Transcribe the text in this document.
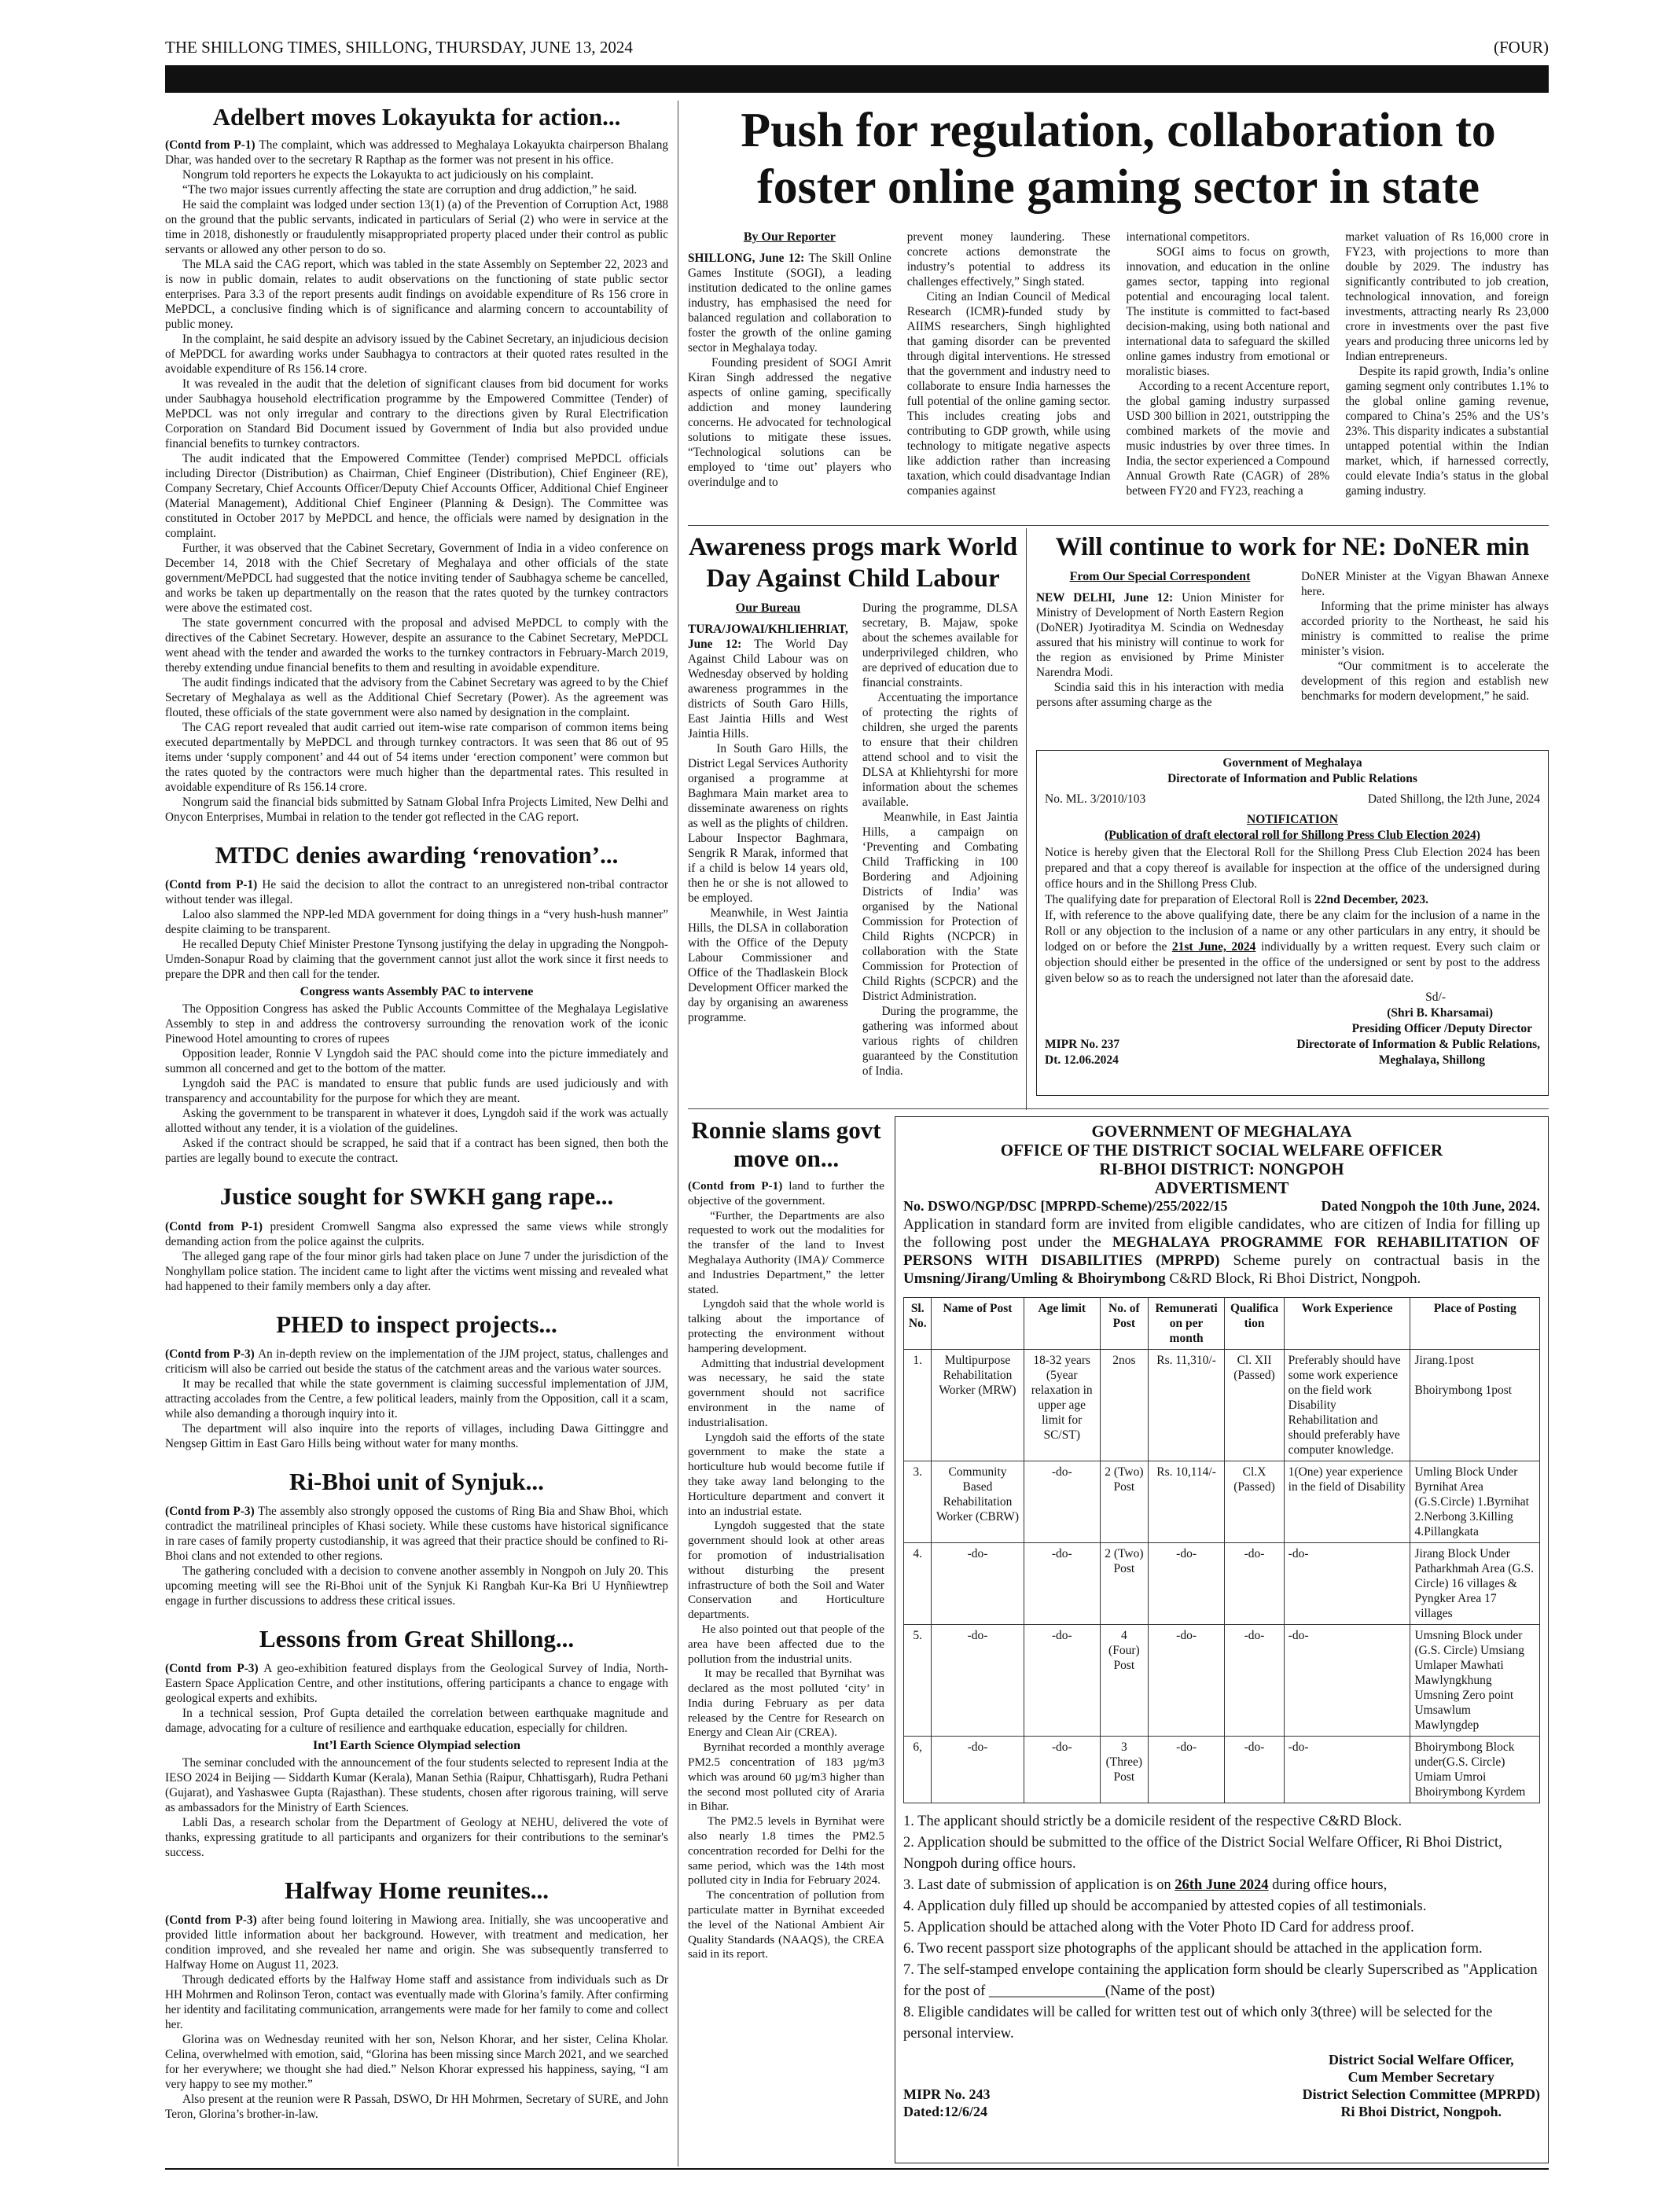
THE SHILLONG TIMES, SHILLONG, THURSDAY, JUNE 13, 2024	(FOUR)
Adelbert moves Lokayukta for action...

(Contd from P-1) The complaint, which was addressed to Meghalaya Lokayukta chairperson Bhalang Dhar, was handed over to the secretary R Rapthap as the former was not present in his office.

Nongrum told reporters he expects the Lokayukta to act judiciously on his complaint.

“The two major issues currently affecting the state are corruption and drug addiction,” he said.

He said the complaint was lodged under section 13(1) (a) of the Prevention of Corruption Act, 1988 on the ground that the public servants, indicated in particulars of Serial (2) who were in service at the time in 2018, dishonestly or fraudulently misappropriated property placed under their control as public servants or allowed any other person to do so.

The MLA said the CAG report, which was tabled in the state Assembly on September 22, 2023 and is now in public domain, relates to audit observations on the functioning of state public sector enterprises. Para 3.3 of the report presents audit findings on avoidable expenditure of Rs 156 crore in MePDCL, a conclusive finding which is of significance and alarming concern to accountability of public money.

In the complaint, he said despite an advisory issued by the Cabinet Secretary, an injudicious decision of MePDCL for awarding works under Saubhagya to contractors at their quoted rates resulted in the avoidable expenditure of Rs 156.14 crore.

It was revealed in the audit that the deletion of significant clauses from bid document for works under Saubhagya household electrification programme by the Empowered Committee (Tender) of MePDCL was not only irregular and contrary to the directions given by Rural Electrification Corporation on Standard Bid Document issued by Government of India but also provided undue financial benefits to turnkey contractors.

The audit indicated that the Empowered Committee (Tender) comprised MePDCL officials including Director (Distribution) as Chairman, Chief Engineer (Distribution), Chief Engineer (RE), Company Secretary, Chief Accounts Officer/Deputy Chief Accounts Officer, Additional Chief Engineer (Material Management), Additional Chief Engineer (Planning & Design). The Committee was constituted in October 2017 by MePDCL and hence, the officials were named by designation in the complaint.

Further, it was observed that the Cabinet Secretary, Government of India in a video conference on December 14, 2018 with the Chief Secretary of Meghalaya and other officials of the state government/MePDCL had suggested that the notice inviting tender of Saubhagya scheme be cancelled, and works be taken up departmentally on the reason that the rates quoted by the turnkey contractors were above the estimated cost.

The state government concurred with the proposal and advised MePDCL to comply with the directives of the Cabinet Secretary. However, despite an assurance to the Cabinet Secretary, MePDCL went ahead with the tender and awarded the works to the turnkey contractors in February-March 2019, thereby extending undue financial benefits to them and resulting in avoidable expenditure.

The audit findings indicated that the advisory from the Cabinet Secretary was agreed to by the Chief Secretary of Meghalaya as well as the Additional Chief Secretary (Power). As the agreement was flouted, these officials of the state government were also named by designation in the complaint.

The CAG report revealed that audit carried out item-wise rate comparison of common items being executed departmentally by MePDCL and through turnkey contractors. It was seen that 86 out of 95 items under ‘supply component’ and 44 out of 54 items under ‘erection component’ were common but the rates quoted by the contractors were much higher than the departmental rates. This resulted in avoidable expenditure of Rs 156.14 crore.

Nongrum said the financial bids submitted by Satnam Global Infra Projects Limited, New Delhi and Onycon Enterprises, Mumbai in relation to the tender got reflected in the CAG report.

MTDC denies awarding ‘renovation’...

(Contd from P-1) He said the decision to allot the contract to an unregistered non-tribal contractor without tender was illegal.

Laloo also slammed the NPP-led MDA government for doing things in a “very hush-hush manner” despite claiming to be transparent.

He recalled Deputy Chief Minister Prestone Tynsong justifying the delay in upgrading the Nongpoh-Umden-Sonapur Road by claiming that the government cannot just allot the work since it first needs to prepare the DPR and then call for the tender.

Congress wants Assembly PAC to intervene

The Opposition Congress has asked the Public Accounts Committee of the Meghalaya Legislative Assembly to step in and address the controversy surrounding the renovation work of the iconic Pinewood Hotel amounting to crores of rupees

Opposition leader, Ronnie V Lyngdoh said the PAC should come into the picture immediately and summon all concerned and get to the bottom of the matter.

Lyngdoh said the PAC is mandated to ensure that public funds are used judiciously and with transparency and accountability for the purpose for which they are meant.

Asking the government to be transparent in whatever it does, Lyngdoh said if the work was actually allotted without any tender, it is a violation of the guidelines.

Asked if the contract should be scrapped, he said that if a contract has been signed, then both the parties are legally bound to execute the contract.

Justice sought for SWKH gang rape...

(Contd from P-1) president Cromwell Sangma also expressed the same views while strongly demanding action from the police against the culprits.

The alleged gang rape of the four minor girls had taken place on June 7 under the jurisdiction of the Nonghyllam police station. The incident came to light after the victims went missing and revealed what had happened to their family members only a day after.

PHED to inspect projects...

(Contd from P-3) An in-depth review on the implementation of the JJM project, status, challenges and criticism will also be carried out beside the status of the catchment areas and the various water sources.

It may be recalled that while the state government is claiming successful implementation of JJM, attracting accolades from the Centre, a few political leaders, mainly from the Opposition, call it a scam, while also demanding a thorough inquiry into it.

The department will also inquire into the reports of villages, including Dawa Gittinggre and Nengsep Gittim in East Garo Hills being without water for many months.

Ri-Bhoi unit of Synjuk...

(Contd from P-3) The assembly also strongly opposed the customs of Ring Bia and Shaw Bhoi, which contradict the matrilineal principles of Khasi society. While these customs have historical significance in rare cases of family property custodianship, it was agreed that their practice should be confined to Ri-Bhoi clans and not extended to other regions.

The gathering concluded with a decision to convene another assembly in Nongpoh on July 20. This upcoming meeting will see the Ri-Bhoi unit of the Synjuk Ki Rangbah Kur-Ka Bri U Hynñiewtrep engage in further discussions to address these critical issues.

Lessons from Great Shillong...

(Contd from P-3) A geo-exhibition featured displays from the Geological Survey of India, North-Eastern Space Application Centre, and other institutions, offering participants a chance to engage with geological experts and exhibits.

In a technical session, Prof Gupta detailed the correlation between earthquake magnitude and damage, advocating for a culture of resilience and earthquake education, especially for children.

Int’l Earth Science Olympiad selection

The seminar concluded with the announcement of the four students selected to represent India at the IESO 2024 in Beijing — Siddarth Kumar (Kerala), Manan Sethia (Raipur, Chhattisgarh), Rudra Pethani (Gujarat), and Yashaswee Gupta (Rajasthan). These students, chosen after rigorous training, will serve as ambassadors for the Ministry of Earth Sciences.

Labli Das, a research scholar from the Department of Geology at NEHU, delivered the vote of thanks, expressing gratitude to all participants and organizers for their contributions to the seminar's success.

Halfway Home reunites...

(Contd from P-3) after being found loitering in Mawiong area. Initially, she was uncooperative and provided little information about her background. However, with treatment and medication, her condition improved, and she revealed her name and origin. She was subsequently transferred to Halfway Home on August 11, 2023.

Through dedicated efforts by the Halfway Home staff and assistance from individuals such as Dr HH Mohrmen and Rolinson Teron, contact was eventually made with Glorina’s family. After confirming her identity and facilitating communication, arrangements were made for her family to come and collect her.

Glorina was on Wednesday reunited with her son, Nelson Khorar, and her sister, Celina Kholar. Celina, overwhelmed with emotion, said, “Glorina has been missing since March 2021, and we searched for her everywhere; we thought she had died.” Nelson Khorar expressed his happiness, saying, “I am very happy to see my mother.”

Also present at the reunion were R Passah, DSWO, Dr HH Mohrmen, Secretary of SURE, and John Teron, Glorina’s brother-in-law.

Push for regulation, collaboration to foster online gaming sector in state
By Our Reporter
SHILLONG, June 12: The Skill Online Games Institute (SOGI), a leading institution dedicated to the online games industry, has emphasised the need for balanced regulation and collaboration to foster the growth of the online gaming sector in Meghalaya today.
Founding president of SOGI Amrit Kiran Singh addressed the negative aspects of online gaming, specifically addiction and money laundering concerns. He advocated for technological solutions to mitigate these issues. “Technological solutions can be employed to ‘time out’ players who overindulge and to
prevent money laundering. These concrete actions demonstrate the industry’s potential to address its challenges effectively,” Singh stated.
Citing an Indian Council of Medical Research (ICMR)-funded study by AIIMS researchers, Singh highlighted that gaming disorder can be prevented through digital interventions. He stressed that the government and industry need to collaborate to ensure India harnesses the full potential of the online gaming sector. This includes creating jobs and contributing to GDP growth, while using technology to mitigate negative aspects like addiction rather than increasing taxation, which could disadvantage Indian companies against
international competitors.
SOGI aims to focus on growth, innovation, and education in the online games sector, tapping into regional potential and encouraging local talent. The institute is committed to fact-based decision-making, using both national and international data to safeguard the skilled online games industry from emotional or moralistic biases.
According to a recent Accenture report, the global gaming industry surpassed USD 300 billion in 2021, outstripping the combined markets of the movie and music industries by over three times. In India, the sector experienced a Compound Annual Growth Rate (CAGR) of 28% between FY20 and FY23, reaching a
market valuation of Rs 16,000 crore in FY23, with projections to more than double by 2029. The industry has significantly contributed to job creation, technological innovation, and foreign investments, attracting nearly Rs 23,000 crore in investments over the past five years and producing three unicorns led by Indian entrepreneurs.
Despite its rapid growth, India’s online gaming segment only contributes 1.1% to the global online gaming revenue, compared to China’s 25% and the US’s 23%. This disparity indicates a substantial untapped potential within the Indian market, which, if harnessed correctly, could elevate India’s status in the global gaming industry.
Awareness progs mark World Day Against Child Labour
Our Bureau
TURA/JOWAI/KHLIEHRIAT, June 12: The World Day Against Child Labour was on Wednesday observed by holding awareness programmes in the districts of South Garo Hills, East Jaintia Hills and West Jaintia Hills.
In South Garo Hills, the District Legal Services Authority organised a programme at Baghmara Main market area to disseminate awareness on rights as well as the plights of children. Labour Inspector Baghmara, Sengrik R Marak, informed that if a child is below 14 years old, then he or she is not allowed to be employed.
Meanwhile, in West Jaintia Hills, the DLSA in collaboration with the Office of the Deputy Labour Commissioner and Office of the Thadlaskein Block Development Officer marked the day by organising an awareness programme.
During the programme, DLSA secretary, B. Majaw, spoke about the schemes available for underprivileged children, who are deprived of education due to financial constraints.
Accentuating the importance of protecting the rights of children, she urged the parents to ensure that their children attend school and to visit the DLSA at Khliehtyrshi for more information about the schemes available.
Meanwhile, in East Jaintia Hills, a campaign on ‘Preventing and Combating Child Trafficking in 100 Bordering and Adjoining Districts of India’ was organised by the National Commission for Protection of Child Rights (NCPCR) in collaboration with the State Commission for Protection of Child Rights (SCPCR) and the District Administration.
During the programme, the gathering was informed about various rights of children guaranteed by the Constitution of India.
Will continue to work for NE: DoNER min
From Our Special Correspondent
NEW DELHI, June 12: Union Minister for Ministry of Development of North Eastern Region (DoNER) Jyotiraditya M. Scindia on Wednesday assured that his ministry will continue to work for the region as envisioned by Prime Minister Narendra Modi.
Scindia said this in his interaction with media persons after assuming charge as the
DoNER Minister at the Vigyan Bhawan Annexe here.
Informing that the prime minister has always accorded priority to the Northeast, he said his ministry is committed to realise the prime minister’s vision.
“Our commitment is to accelerate the development of this region and establish new benchmarks for modern development,” he said.
Government of Meghalaya
Directorate of Information and Public Relations
No. ML. 3/2010/103	Dated Shillong, the l2th June, 2024
NOTIFICATION
(Publication of draft electoral roll for Shillong Press Club Election 2024)
Notice is hereby given that the Electoral Roll for the Shillong Press Club Election 2024 has been prepared and that a copy thereof is available for inspection at the office of the undersigned during office hours and in the Shillong Press Club.
The qualifying date for preparation of Electoral Roll is 22nd December, 2023.
If, with reference to the above qualifying date, there be any claim for the inclusion of a name in the Roll or any objection to the inclusion of a name or any other particulars in any entry, it should be lodged on or before the 21st June, 2024 individually by a written request. Every such claim or objection should either be presented in the office of the undersigned or sent by post to the address given below so as to reach the undersigned not later than the aforesaid date.
Sd/-
(Shri B. Kharsamai)
Presiding Officer /Deputy Director
MIPR No. 237	Directorate of Information & Public Relations,
Dt. 12.06.2024	Meghalaya, Shillong
Ronnie slams govt move on...
(Contd from P-1) land to further the objective of the government.
“Further, the Departments are also requested to work out the modalities for the transfer of the land to Invest Meghalaya Authority (IMA)/ Commerce and Industries Department,” the letter stated.
Lyngdoh said that the whole world is talking about the importance of protecting the environment without hampering development.
Admitting that industrial development was necessary, he said the state government should not sacrifice environment in the name of industrialisation.
Lyngdoh said the efforts of the state government to make the state a horticulture hub would become futile if they take away land belonging to the Horticulture department and convert it into an industrial estate.
Lyngdoh suggested that the state government should look at other areas for promotion of industrialisation without disturbing the present infrastructure of both the Soil and Water Conservation and Horticulture departments.
He also pointed out that people of the area have been affected due to the pollution from the industrial units.
It may be recalled that Byrnihat was declared as the most polluted ‘city’ in India during February as per data released by the Centre for Research on Energy and Clean Air (CREA).
Byrnihat recorded a monthly average PM2.5 concentration of 183 µg/m3 which was around 60 µg/m3 higher than the second most polluted city of Araria in Bihar.
The PM2.5 levels in Byrnihat were also nearly 1.8 times the PM2.5 concentration recorded for Delhi for the same period, which was the 14th most polluted city in India for February 2024.
The concentration of pollution from particulate matter in Byrnihat exceeded the level of the National Ambient Air Quality Standards (NAAQS), the CREA said in its report.
GOVERNMENT OF MEGHALAYA
OFFICE OF THE DISTRICT SOCIAL WELFARE OFFICER
RI-BHOI DISTRICT: NONGPOH
ADVERTISMENT
No. DSWO/NGP/DSC [MPRPD-Scheme)/255/2022/15	Dated Nongpoh the 10th June, 2024.
Application in standard form are invited from eligible candidates, who are citizen of India for filling up the following post under the MEGHALAYA PROGRAMME FOR REHABILITATION OF PERSONS WITH DISABILITIES (MPRPD) Scheme purely on contractual basis in the Umsning/Jirang/Umling & Bhoirymbong C&RD Block, Ri Bhoi District, Nongpoh.
Sl. No.	Name of Post	Age limit	No. of Post	Remunerati on per month	Qualifica tion	Work Experience	Place of Posting
1.	Multipurpose Rehabilitation Worker (MRW)	18-32 years (5year relaxation in upper age limit for SC/ST)	2nos	Rs. 11,310/-	Cl. XII (Passed)	Preferably should have some work experience on the field work Disability Rehabilitation and should preferably have computer knowledge.	Jirang.1post

Bhoirymbong 1post
3.	Community Based Rehabilitation Worker (CBRW)	-do-	2 (Two) Post	Rs. 10,114/-	Cl.X (Passed)	1(One) year experience in the field of Disability	Umling Block Under Byrnihat Area (G.S.Circle) 1.Byrnihat 2.Nerbong 3.Killing 4.Pillangkata
4.	-do-	-do-	2 (Two) Post	-do-	-do-	-do-	Jirang Block Under Patharkhmah Area (G.S. Circle) 16 villages & Pyngker Area 17 villages
5.	-do-	-do-	4 (Four) Post	-do-	-do-	-do-	Umsning Block under (G.S. Circle) Umsiang Umlaper Mawhati Mawlyngkhung Umsning Zero point Umsawlum Mawlyngdep
6,	-do-	-do-	3 (Three) Post	-do-	-do-	-do-	Bhoirymbong Block under(G.S. Circle) Umiam Umroi Bhoirymbong Kyrdem
1. The applicant should strictly be a domicile resident of the respective C&RD Block.
2. Application should be submitted to the office of the District Social Welfare Officer, Ri Bhoi District, Nongpoh during office hours.
3. Last date of submission of application is on 26th June 2024 during office hours,
4. Application duly filled up should be accompanied by attested copies of all testimonials.
5. Application should be attached along with the Voter Photo ID Card for address proof.
6. Two recent passport size photographs of the applicant should be attached in the application form.
7. The self-stamped envelope containing the application form should be clearly Superscribed as "Application for the post of ________________(Name of the post)
8. Eligible candidates will be called for written test out of which only 3(three) will be selected for the personal interview.
MIPR No. 243
Dated:12/6/24
District Social Welfare Officer,
Cum Member Secretary
District Selection Committee (MPRPD)
Ri Bhoi District, Nongpoh.
